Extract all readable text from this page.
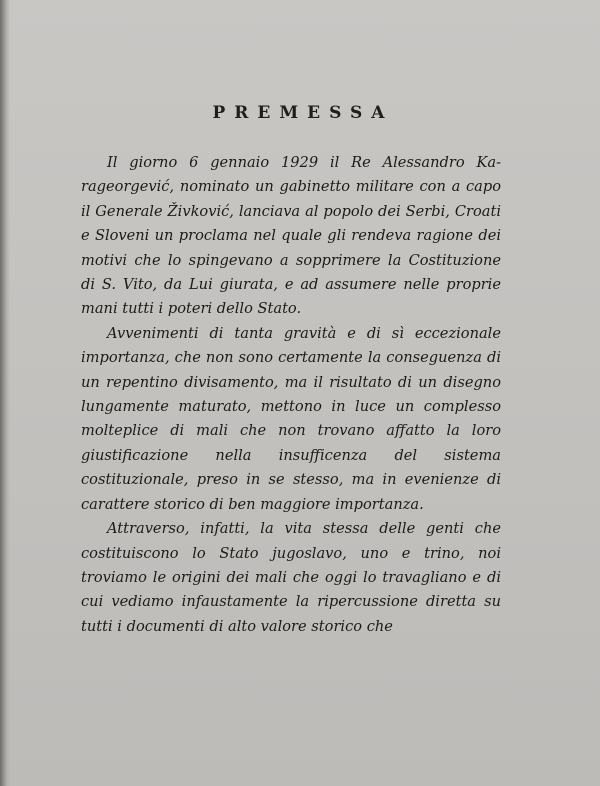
PREMESSA

Il giorno 6 gennaio 1929 il Re Alessandro Karageorgević, nominato un gabinetto militare con a capo il Generale Živković, lanciava al popolo dei Serbi, Croati e Sloveni un proclama nel quale gli rendeva ragione dei motivi che lo spingevano a sopprimere la Costituzione di S. Vito, da Lui giurata, e ad assumere nelle proprie mani tutti i poteri dello Stato.

Avvenimenti di tanta gravità e di sì eccezionale importanza, che non sono certamente la conseguenza di un repentino divisamento, ma il risultato di un disegno lungamente maturato, mettono in luce un complesso molteplice di mali che non trovano affatto la loro giustificazione nella insufficenza del sistema costituzionale, preso in se stesso, ma in evenienze di carattere storico di ben maggiore importanza.

Attraverso, infatti, la vita stessa delle genti che costituiscono lo Stato jugoslavo, uno e trino, noi troviamo le origini dei mali che oggi lo travagliano e di cui vediamo infaustamente la ripercussione diretta su tutti i documenti di alto valore storico che
